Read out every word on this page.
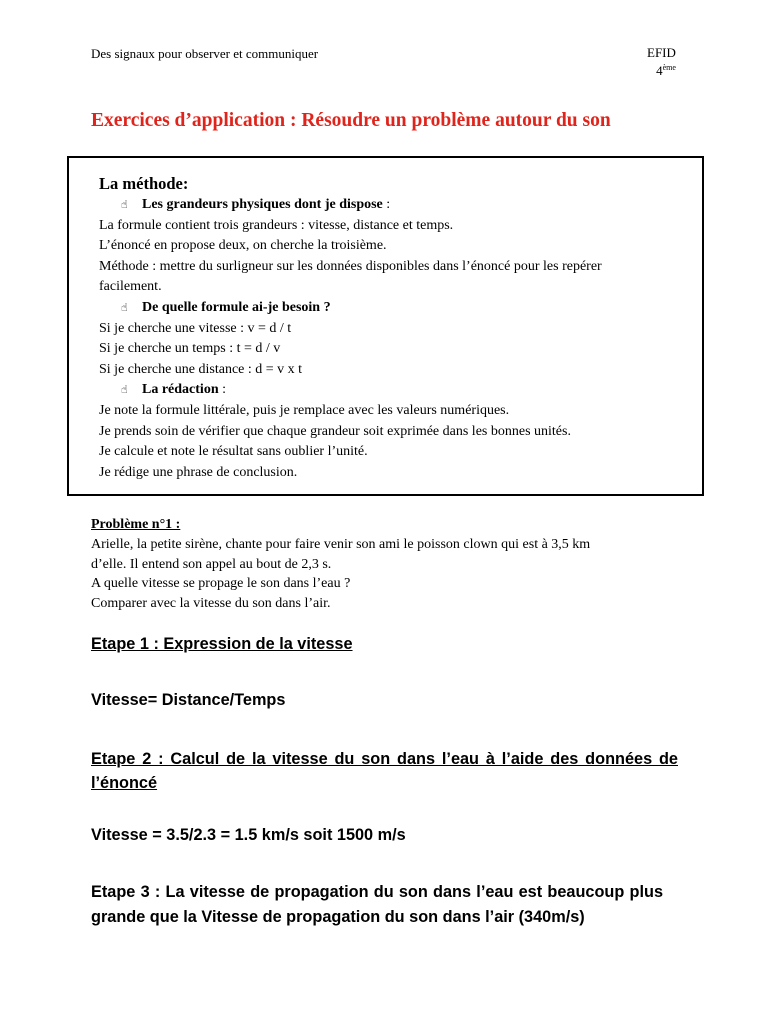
Des signaux pour observer et communiquer	EFID
4ème
Exercices d’application : Résoudre un problème autour du son
La méthode:
☝ Les grandeurs physiques dont je dispose :
La formule contient trois grandeurs : vitesse, distance et temps.
L’énoncé en propose deux, on cherche la troisième.
Méthode : mettre du surligneur sur les données disponibles dans l’énoncé pour les repérer
facilement.
☝ De quelle formule ai-je besoin ?
Si je cherche une vitesse : v = d / t
Si je cherche un temps : t = d / v
Si je cherche une distance : d = v x t
☝ La rédaction :
Je note la formule littérale, puis je remplace avec les valeurs numériques.
Je prends soin de vérifier que chaque grandeur soit exprimée dans les bonnes unités.
Je calcule et note le résultat sans oublier l’unité.
Je rédige une phrase de conclusion.
Problème n°1 :
Arielle, la petite sirène, chante pour faire venir son ami le poisson clown qui est à 3,5 km
d’elle. Il entend son appel au bout de 2,3 s.
A quelle vitesse se propage le son dans l’eau ?
Comparer avec la vitesse du son dans l’air.
Etape 1 : Expression de la vitesse
Vitesse= Distance/Temps
Etape 2 : Calcul de la vitesse du son dans l’eau à l’aide des données de l’énoncé
Vitesse = 3.5/2.3 = 1.5 km/s soit 1500 m/s
Etape 3 : La vitesse de propagation du son dans l’eau est beaucoup plus grande que la Vitesse de propagation du son dans l’air (340m/s)
